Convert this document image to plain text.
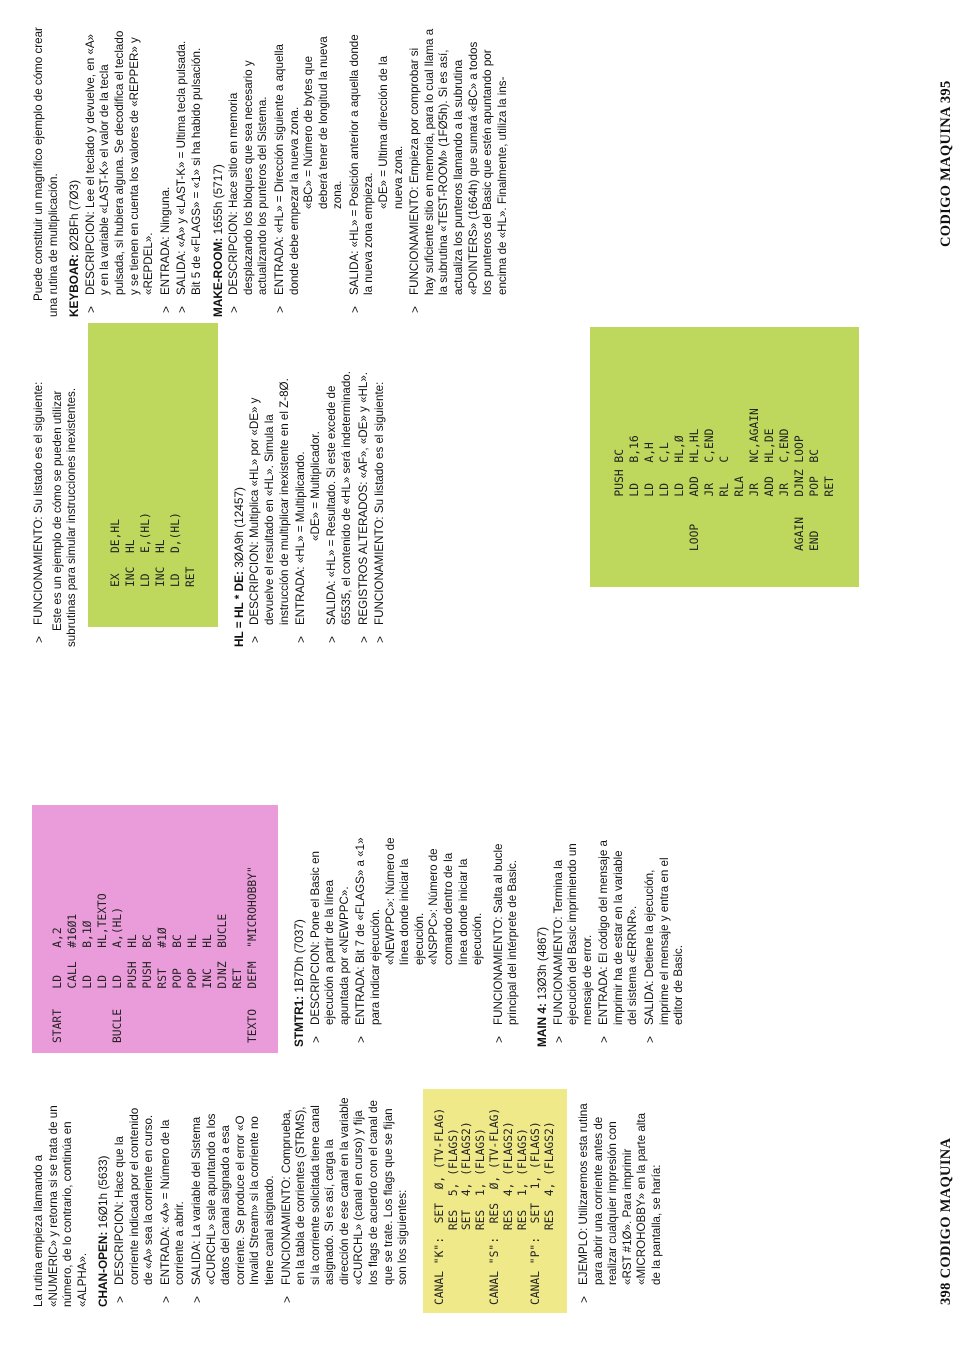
La rutina empieza llamando a «NUMERIC» y retorna si se trata de un número, de lo contrario, continúa en «ALPHA». CHAN-OPEN: 16Ø1h (5633)
>
DESCRIPCION: Hace que la corriente indicada por el contenido de «A» sea la corriente en curso.
>
ENTRADA: «A» = Número de la corriente a abrir.
>
SALIDA: La variable del Sistema «CURCHL» sale apuntando a los datos del canal asignado a esa corriente. Se produce el error «O Invalid Stream» si la corriente no tiene canal asignado.
>
FUNCIONAMIENTO: Comprueba, en la tabla de corrientes (STRMS), si la corriente solicitada tiene canal asignado. Si es así, carga la dirección de ese canal en la variable «CURCHL» (canal en curso) y fija los flags de acuerdo con el canal de que se trate. Los flags que se fijan son los siguientes:
CANAL "K":  SET  Ø, (TV-FLAG)
RES  5, (FLAGS)
SET  4, (FLAGS2)
RES  1, (FLAGS)
CANAL "S":  RES  Ø, (TV-FLAG)
RES  4, (FLAGS2)
RES  1, (FLAGS)
CANAL "P":  SET  1, (FLAGS)
RES  4, (FLAGS2)
>
EJEMPLO: Utilizaremos esta rutina para abrir una corriente antes de realizar cualquier impresión con «RST #1Ø». Para imprimir «MICROHOBBY» en la parte alta de la pantalla, se haría:
START   LD    A,2
CALL  #16Ø1
LD    B,1Ø
LD    HL,TEXTO
BUCLE   LD    A,(HL)
PUSH  HL
PUSH  BC
RST   #1Ø
POP   BC
POP   HL
INC   HL
DJNZ  BUCLE
RET
TEXTO   DEFM  "MICROHOBBY"
STMTR1: 1B7Dh (7037)
>
DESCRIPCION: Pone el Basic en ejecución a partir de la línea apuntada por «NEWPPC».
>
ENTRADA: Bit 7 de «FLAGS» a «1» para indicar ejecución.
«NEWPPC»: Número de línea donde iniciar la ejecución. «NSPPC»: Número de comando dentro de la línea donde iniciar la ejecución.
>
FUNCIONAMIENTO: Salta al bucle principal del intérprete de Basic.
MAIN 4: 13Ø3h (4867)
>
FUNCIONAMIENTO: Termina la ejecución del Basic imprimiendo un mensaje de error.
>
ENTRADA: El código del mensaje a imprimir ha de estar en la variable del sistema «ERRNR».
>
SALIDA: Detiene la ejecución, imprime el mensaje y entra en el editor de Basic.
>
FUNCIONAMIENTO: Su listado es el siguiente: Este es un ejemplo de cómo se pueden utilizar subrutinas para simular instrucciones inexistentes.	EX   DE,HL
INC  HL
LD   E,(HL)
INC  HL
LD   D,(HL)
RET	HL = HL * DE: 3ØA9h (12457)
>
DESCRIPCION: Multiplica «HL» por «DE» y devuelve el resultado en «HL». Simula la instrucción de multiplicar inexistente en el Z-8Ø.
>
ENTRADA: «HL» = Multiplicando. «DE» = Multiplicador.
>
SALIDA: «HL» = Resultado. Si este excede de 65535, el contenido de «HL» será indeterminado.
>
REGISTROS ALTERADOS: «AF», «DE» y «HL».
>
FUNCIONAMIENTO: Su listado es el siguiente:	PUSH BC
LD   B,16
LD   A,H
LD   C,L
LD   HL,Ø
LOOP    ADD  HL,HL
JR   C,END
RL   C
RLA
JR   NC,AGAIN
ADD  HL,DE
JR   C,END
AGAIN   DJNZ LOOP
END     POP  BC
RET

Puede constituir un magnífico ejemplo de cómo crear una rutina de multiplicación. KEYBOAR: Ø2BFh (7Ø3)
>
DESCRIPCION: Lee el teclado y devuelve, en «A» y en la variable «LAST-K» el valor de la tecla pulsada, si hubiera alguna. Se decodifica el teclado y se tienen en cuenta los valores de «REPPER» y «REPDEL».
>
ENTRADA: Ninguna.
>
SALIDA: «A» y «LAST-K» = Ultima tecla pulsada. Bit 5 de «FLAGS» = «1» si ha habido pulsación. MAKE-ROOM: 1655h (5717)
>
DESCRIPCION: Hace sitio en memoria desplazando los bloques que sea necesario y actualizando los punteros del Sistema.
>
ENTRADA: «HL» = Dirección siguiente a aquella donde debe empezar la nueva zona. «BC» = Número de bytes que deberá tener de longitud la nueva zona.
>
SALIDA: «HL» = Posición anterior a aquella donde la nueva zona empieza.
«DE» = Ultima dirección de la nueva zona.
>
FUNCIONAMIENTO: Empieza por comprobar si hay suficiente sitio en memoria, para lo cual llama a la subrutina «TEST-ROOM» (1FØ5h). Si es así, actualiza los punteros llamando a la subrutina «POINTERS» (1664h) que sumará «BC» a todos los punteros del Basic que estén apuntando por encima de «HL». Finalmente, utiliza la ins-
398 CODIGO MAQUINA
CODIGO MAQUINA 395
